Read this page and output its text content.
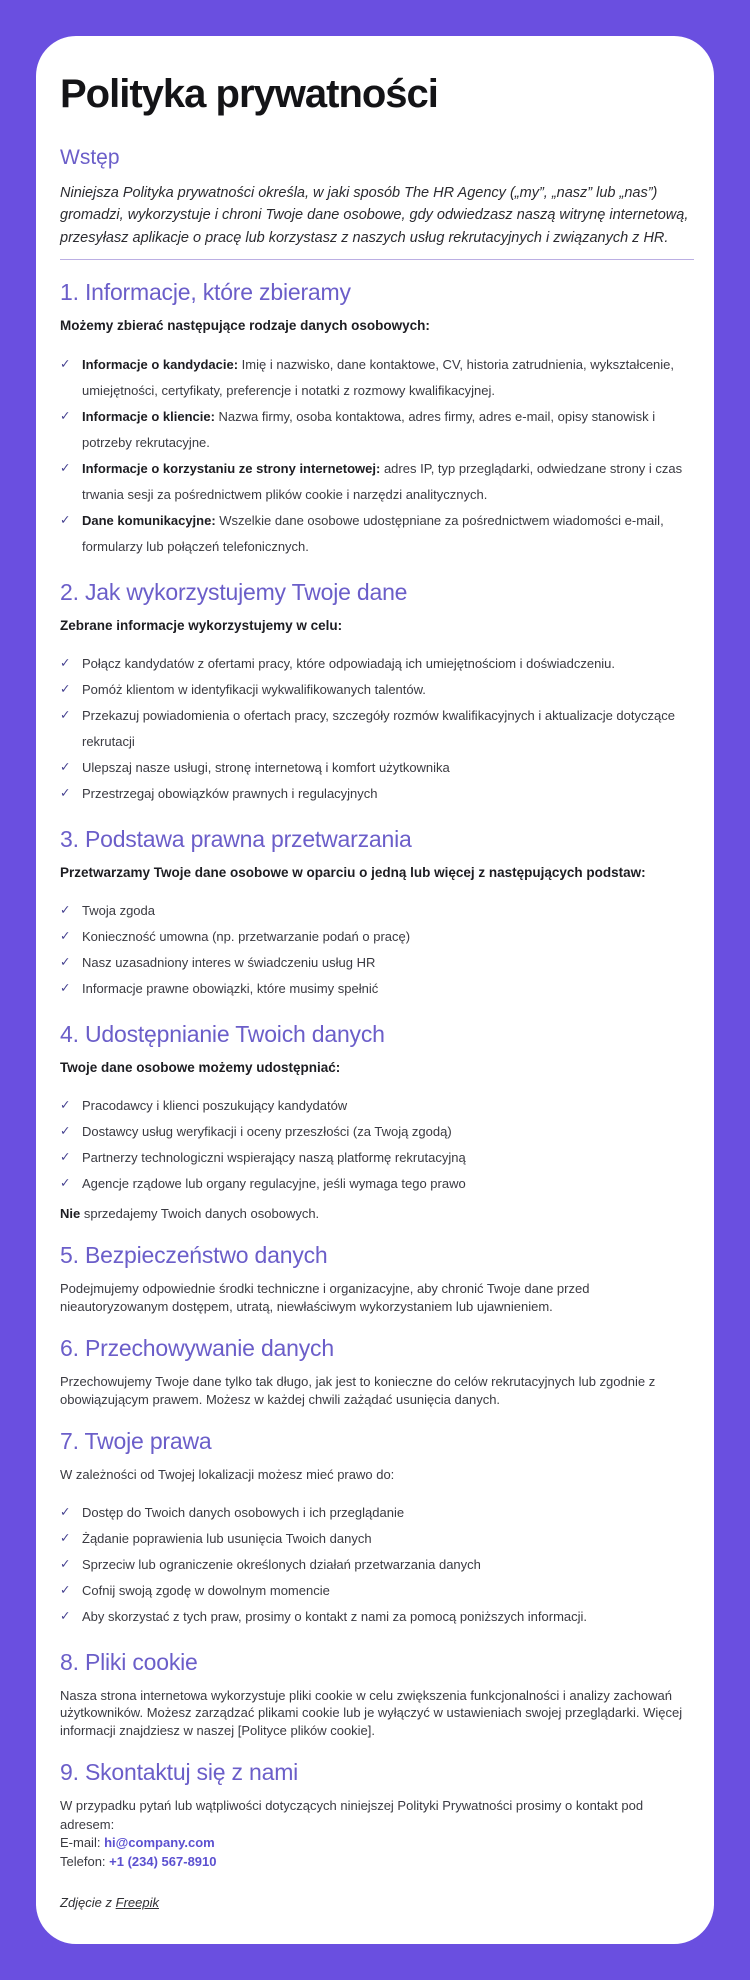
Polityka prywatności
Wstęp

Niniejsza Polityka prywatności określa, w jaki sposób The HR Agency („my”, „nasz” lub „nas”) gromadzi, wykorzystuje i chroni Twoje dane osobowe, gdy odwiedzasz naszą witrynę internetową, przesyłasz aplikacje o pracę lub korzystasz z naszych usług rekrutacyjnych i związanych z HR.

1. Informacje, które zbieramy

Możemy zbierać następujące rodzaje danych osobowych:

✓ Informacje o kandydacie: Imię i nazwisko, dane kontaktowe, CV, historia zatrudnienia, wykształcenie, umiejętności, certyfikaty, preferencje i notatki z rozmowy kwalifikacyjnej.
✓ Informacje o kliencie: Nazwa firmy, osoba kontaktowa, adres firmy, adres e-mail, opisy stanowisk i potrzeby rekrutacyjne.
✓ Informacje o korzystaniu ze strony internetowej: adres IP, typ przeglądarki, odwiedzane strony i czas trwania sesji za pośrednictwem plików cookie i narzędzi analitycznych.
✓ Dane komunikacyjne: Wszelkie dane osobowe udostępniane za pośrednictwem wiadomości e-mail, formularzy lub połączeń telefonicznych.
2. Jak wykorzystujemy Twoje dane

Zebrane informacje wykorzystujemy w celu:

✓ Połącz kandydatów z ofertami pracy, które odpowiadają ich umiejętnościom i doświadczeniu.
✓ Pomóż klientom w identyfikacji wykwalifikowanych talentów.
✓ Przekazuj powiadomienia o ofertach pracy, szczegóły rozmów kwalifikacyjnych i aktualizacje dotyczące rekrutacji
✓ Ulepszaj nasze usługi, stronę internetową i komfort użytkownika
✓ Przestrzegaj obowiązków prawnych i regulacyjnych
3. Podstawa prawna przetwarzania

Przetwarzamy Twoje dane osobowe w oparciu o jedną lub więcej z następujących podstaw:

✓ Twoja zgoda
✓ Konieczność umowna (np. przetwarzanie podań o pracę)
✓ Nasz uzasadniony interes w świadczeniu usług HR
✓ Informacje prawne obowiązki, które musimy spełnić
4. Udostępnianie Twoich danych

Twoje dane osobowe możemy udostępniać:

✓ Pracodawcy i klienci poszukujący kandydatów
✓ Dostawcy usług weryfikacji i oceny przeszłości (za Twoją zgodą)
✓ Partnerzy technologiczni wspierający naszą platformę rekrutacyjną
✓ Agencje rządowe lub organy regulacyjne, jeśli wymaga tego prawo

Nie sprzedajemy Twoich danych osobowych.

5. Bezpieczeństwo danych

Podejmujemy odpowiednie środki techniczne i organizacyjne, aby chronić Twoje dane przed nieautoryzowanym dostępem, utratą, niewłaściwym wykorzystaniem lub ujawnieniem.

6. Przechowywanie danych

Przechowujemy Twoje dane tylko tak długo, jak jest to konieczne do celów rekrutacyjnych lub zgodnie z obowiązującym prawem. Możesz w każdej chwili zażądać usunięcia danych.

7. Twoje prawa

W zależności od Twojej lokalizacji możesz mieć prawo do:

✓ Dostęp do Twoich danych osobowych i ich przeglądanie
✓ Żądanie poprawienia lub usunięcia Twoich danych
✓ Sprzeciw lub ograniczenie określonych działań przetwarzania danych
✓ Cofnij swoją zgodę w dowolnym momencie
✓ Aby skorzystać z tych praw, prosimy o kontakt z nami za pomocą poniższych informacji.
8. Pliki cookie

Nasza strona internetowa wykorzystuje pliki cookie w celu zwiększenia funkcjonalności i analizy zachowań użytkowników. Możesz zarządzać plikami cookie lub je wyłączyć w ustawieniach swojej przeglądarki. Więcej informacji znajdziesz w naszej [Polityce plików cookie].

9. Skontaktuj się z nami

W przypadku pytań lub wątpliwości dotyczących niniejszej Polityki Prywatności prosimy o kontakt pod adresem:

E-mail: hi@company.com

Telefon: +1 (234) 567-8910

Zdjęcie z Freepik
